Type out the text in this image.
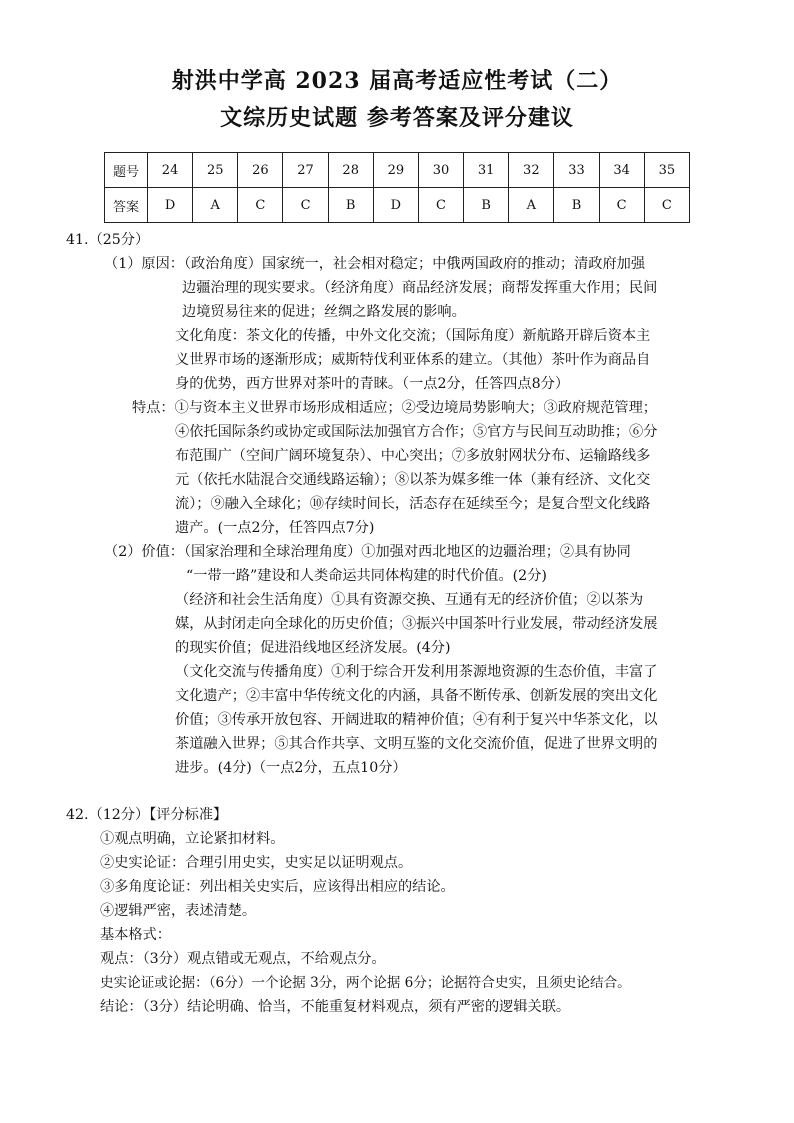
射洪中学高 2023 届高考适应性考试（二）
文综历史试题 参考答案及评分建议
题号	24	25	26	27	28	29	30	31	32	33	34	35
答案	D	A	C	C	B	D	C	B	A	B	C	C

41.（25分）

（1）原因：（政治角度）国家统一，社会相对稳定；中俄两国政府的推动；清政府加强

边疆治理的现实要求。（经济角度）商品经济发展；商帮发挥重大作用；民间

边境贸易往来的促进；丝绸之路发展的影响。

文化角度：茶文化的传播，中外文化交流；（国际角度）新航路开辟后资本主

义世界市场的逐渐形成；威斯特伐利亚体系的建立。（其他）茶叶作为商品自

身的优势，西方世界对茶叶的青睐。（一点2分，任答四点8分）

特点：①与资本主义世界市场形成相适应；②受边境局势影响大；③政府规范管理；

④依托国际条约或协定或国际法加强官方合作；⑤官方与民间互动助推；⑥分

布范围广（空间广阔环境复杂）、中心突出；⑦多放射网状分布、运输路线多

元（依托水陆混合交通线路运输）；⑧以茶为媒多维一体（兼有经济、文化交

流）；⑨融入全球化；⑩存续时间长，活态存在延续至今；是复合型文化线路

遗产。(一点2分，任答四点7分)

（2）价值：（国家治理和全球治理角度）①加强对西北地区的边疆治理；②具有协同

“一带一路”建设和人类命运共同体构建的时代价值。(2分)

（经济和社会生活角度）①具有资源交换、互通有无的经济价值；②以茶为

媒，从封闭走向全球化的历史价值；③振兴中国茶叶行业发展，带动经济发展

的现实价值；促进沿线地区经济发展。(4分)

（文化交流与传播角度）①利于综合开发利用茶源地资源的生态价值，丰富了

文化遗产；②丰富中华传统文化的内涵，具备不断传承、创新发展的突出文化

价值；③传承开放包容、开阔进取的精神价值；④有利于复兴中华茶文化，以

茶道融入世界；⑤其合作共享、文明互鉴的文化交流价值，促进了世界文明的

进步。(4分)（一点2分，五点10分）

42.（12分）【评分标准】

①观点明确，立论紧扣材料。

②史实论证：合理引用史实，史实足以证明观点。

③多角度论证：列出相关史实后，应该得出相应的结论。

④逻辑严密，表述清楚。

基本格式：

观点：（3分）观点错或无观点，不给观点分。

史实论证或论据：（6分）一个论据 3分，两个论据 6分；论据符合史实，且须史论结合。

结论：（3分）结论明确、恰当，不能重复材料观点，须有严密的逻辑关联。
